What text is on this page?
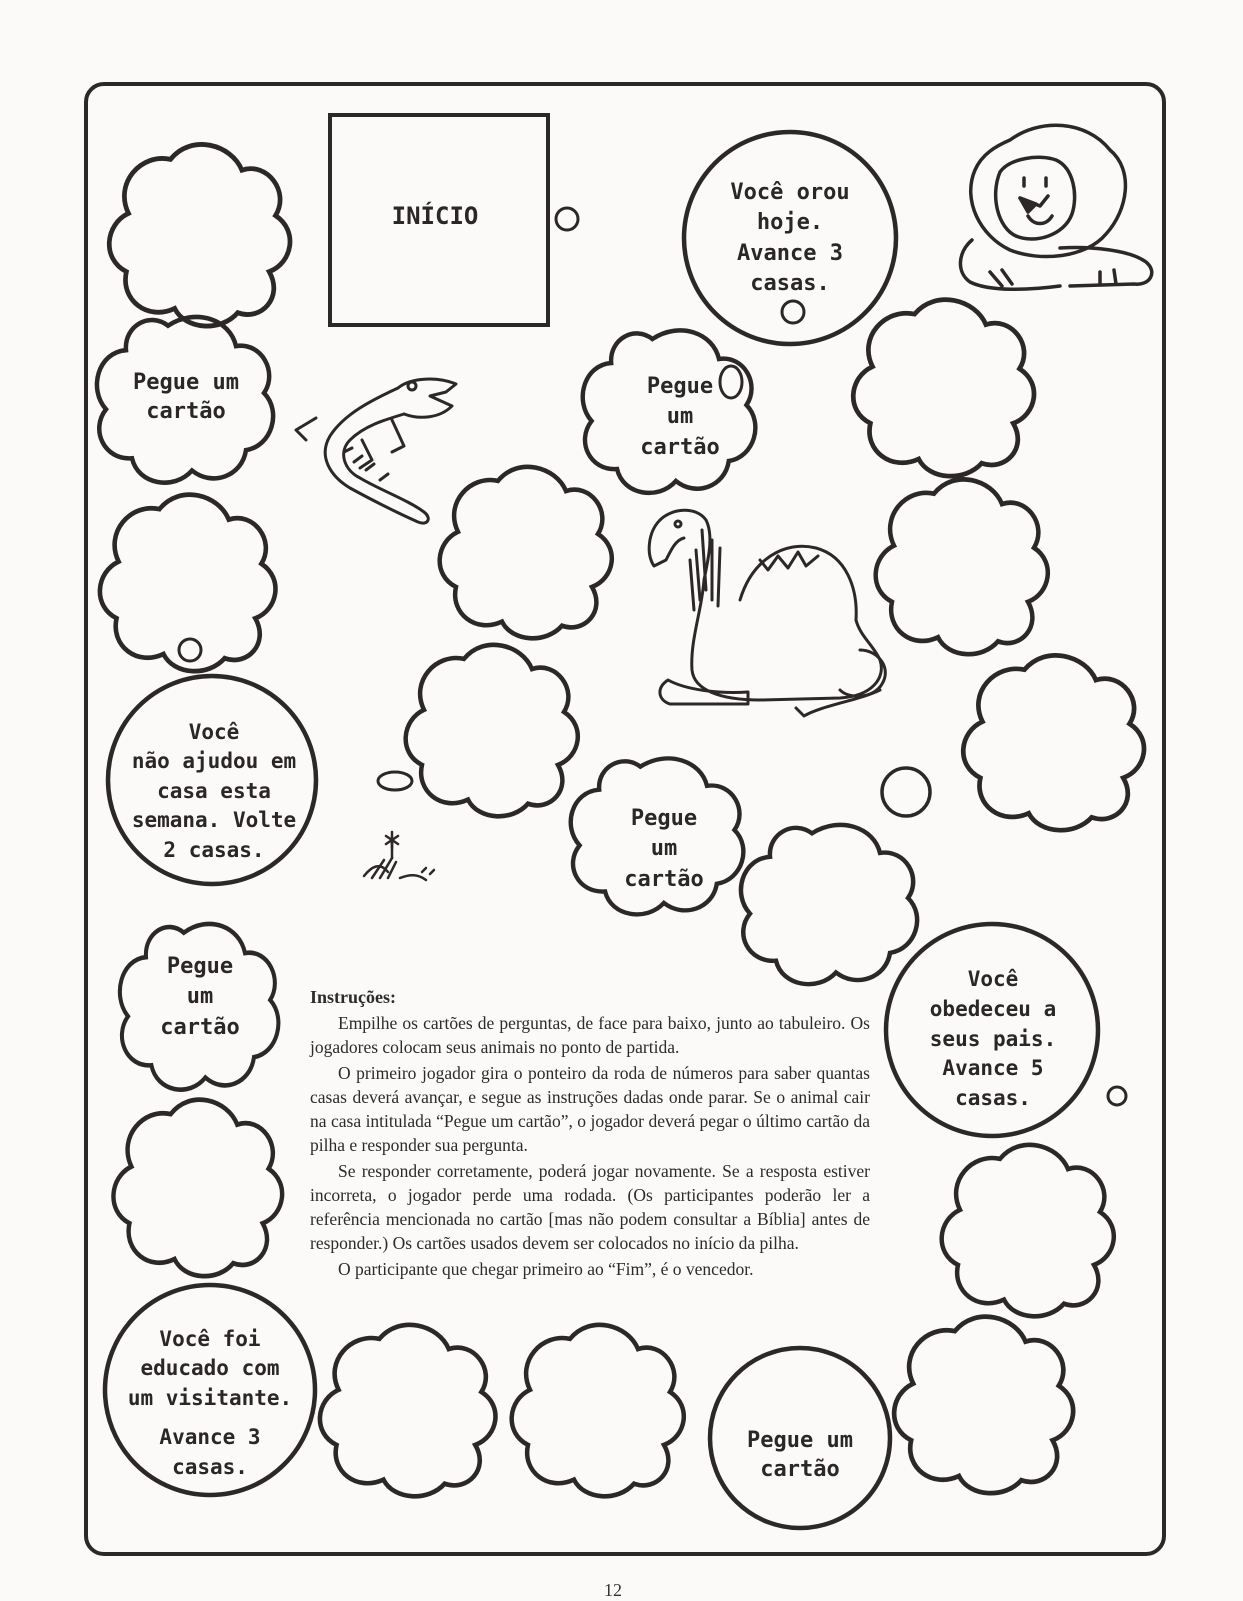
INÍCIO
Pegue um
cartão
Você
não ajudou em
casa esta
semana. Volte
2 casas.
Pegue
um
cartão
Você foi
educado com
um visitante.
Avance 3
casas.
Pegue um
cartão
Você
obedeceu a
seus pais.
Avance 5
casas.
Você orou
hoje.
Avance 3
casas.
Pegue
um
cartão
Pegue
um
cartão
Instruções:

Empilhe os cartões de perguntas, de face para baixo, junto ao tabuleiro. Os jogadores colocam seus animais no ponto de partida.

O primeiro jogador gira o ponteiro da roda de números para saber quantas casas deverá avançar, e segue as instruções dadas onde parar. Se o animal cair na casa intitulada “Pegue um cartão”, o jogador deverá pegar o último cartão da pilha e responder sua pergunta.

Se responder corretamente, poderá jogar novamente. Se a resposta estiver incorreta, o jogador perde uma rodada. (Os participantes poderão ler a referência mencionada no cartão [mas não podem consultar a Bíblia] antes de responder.) Os cartões usados devem ser colocados no início da pilha.

O participante que chegar primeiro ao “Fim”, é o vencedor.

12
